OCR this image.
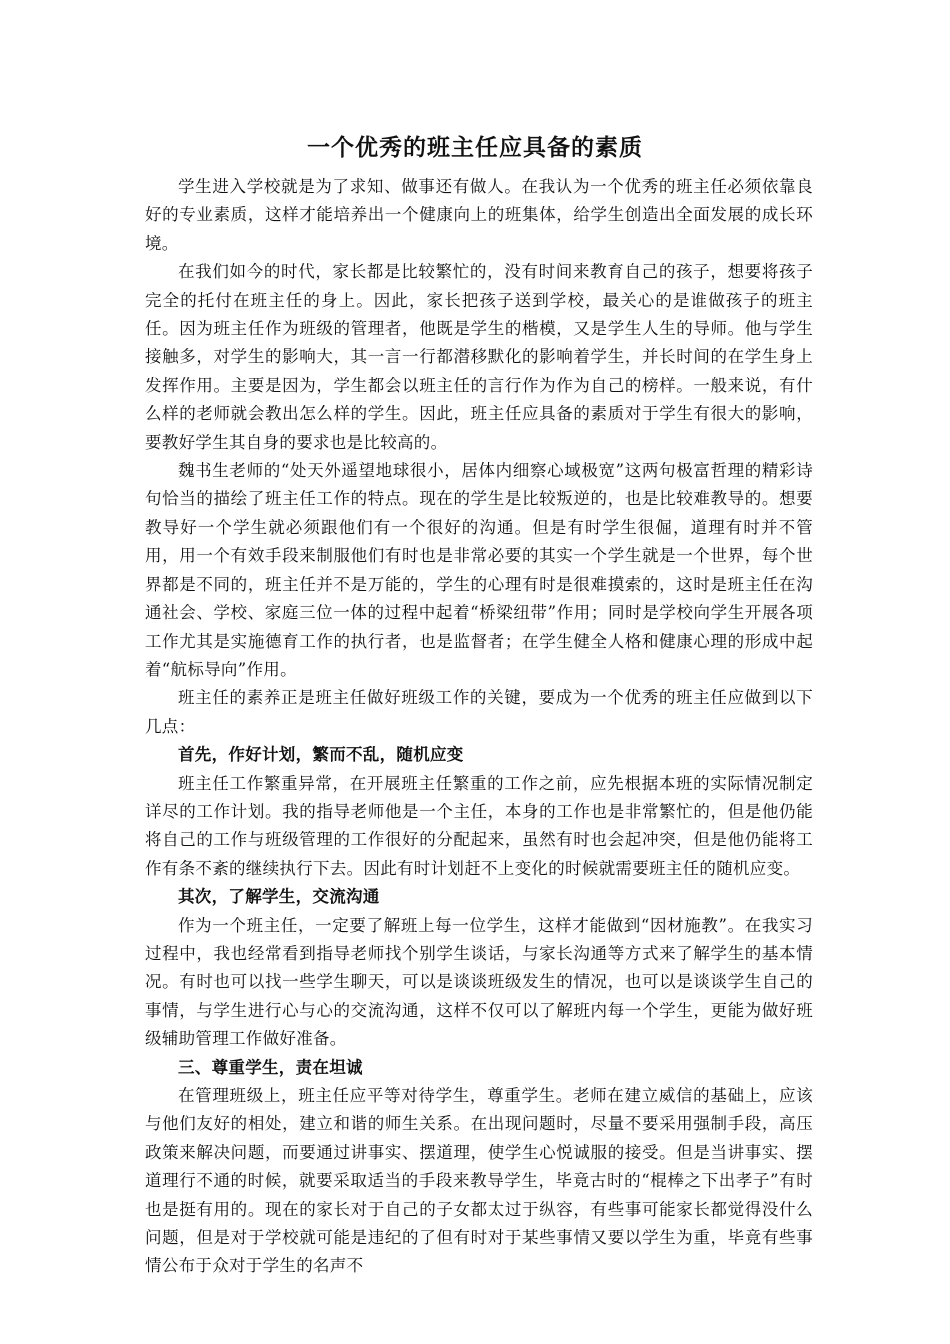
一个优秀的班主任应具备的素质

学生进入学校就是为了求知、做事还有做人。在我认为一个优秀的班主任必须依靠良好的专业素质，这样才能培养出一个健康向上的班集体，给学生创造出全面发展的成长环境。

在我们如今的时代，家长都是比较繁忙的，没有时间来教育自己的孩子，想要将孩子完全的托付在班主任的身上。因此，家长把孩子送到学校，最关心的是谁做孩子的班主任。因为班主任作为班级的管理者，他既是学生的楷模，又是学生人生的导师。他与学生接触多，对学生的影响大，其一言一行都潜移默化的影响着学生，并长时间的在学生身上发挥作用。主要是因为，学生都会以班主任的言行作为作为自己的榜样。一般来说，有什么样的老师就会教出怎么样的学生。因此，班主任应具备的素质对于学生有很大的影响，要教好学生其自身的要求也是比较高的。

魏书生老师的“处天外遥望地球很小，居体内细察心域极宽”这两句极富哲理的精彩诗句恰当的描绘了班主任工作的特点。现在的学生是比较叛逆的，也是比较难教导的。想要教导好一个学生就必须跟他们有一个很好的沟通。但是有时学生很倔，道理有时并不管用，用一个有效手段来制服他们有时也是非常必要的其实一个学生就是一个世界，每个世界都是不同的，班主任并不是万能的，学生的心理有时是很难摸索的，这时是班主任在沟通社会、学校、家庭三位一体的过程中起着“桥梁纽带”作用；同时是学校向学生开展各项工作尤其是实施德育工作的执行者，也是监督者；在学生健全人格和健康心理的形成中起着“航标导向”作用。

班主任的素养正是班主任做好班级工作的关键，要成为一个优秀的班主任应做到以下几点：

首先，作好计划，繁而不乱，随机应变

班主任工作繁重异常，在开展班主任繁重的工作之前，应先根据本班的实际情况制定详尽的工作计划。我的指导老师他是一个主任，本身的工作也是非常繁忙的，但是他仍能将自己的工作与班级管理的工作很好的分配起来，虽然有时也会起冲突，但是他仍能将工作有条不紊的继续执行下去。因此有时计划赶不上变化的时候就需要班主任的随机应变。

其次，了解学生，交流沟通

作为一个班主任，一定要了解班上每一位学生，这样才能做到“因材施教”。在我实习过程中，我也经常看到指导老师找个别学生谈话，与家长沟通等方式来了解学生的基本情况。有时也可以找一些学生聊天，可以是谈谈班级发生的情况，也可以是谈谈学生自己的事情，与学生进行心与心的交流沟通，这样不仅可以了解班内每一个学生，更能为做好班级辅助管理工作做好准备。

三、尊重学生，责在坦诚

在管理班级上，班主任应平等对待学生，尊重学生。老师在建立威信的基础上，应该与他们友好的相处，建立和谐的师生关系。在出现问题时，尽量不要采用强制手段，高压政策来解决问题，而要通过讲事实、摆道理，使学生心悦诚服的接受。但是当讲事实、摆道理行不通的时候，就要采取适当的手段来教导学生，毕竟古时的“棍棒之下出孝子”有时也是挺有用的。现在的家长对于自己的子女都太过于纵容，有些事可能家长都觉得没什么问题，但是对于学校就可能是违纪的了但有时对于某些事情又要以学生为重，毕竟有些事情公布于众对于学生的名声不
